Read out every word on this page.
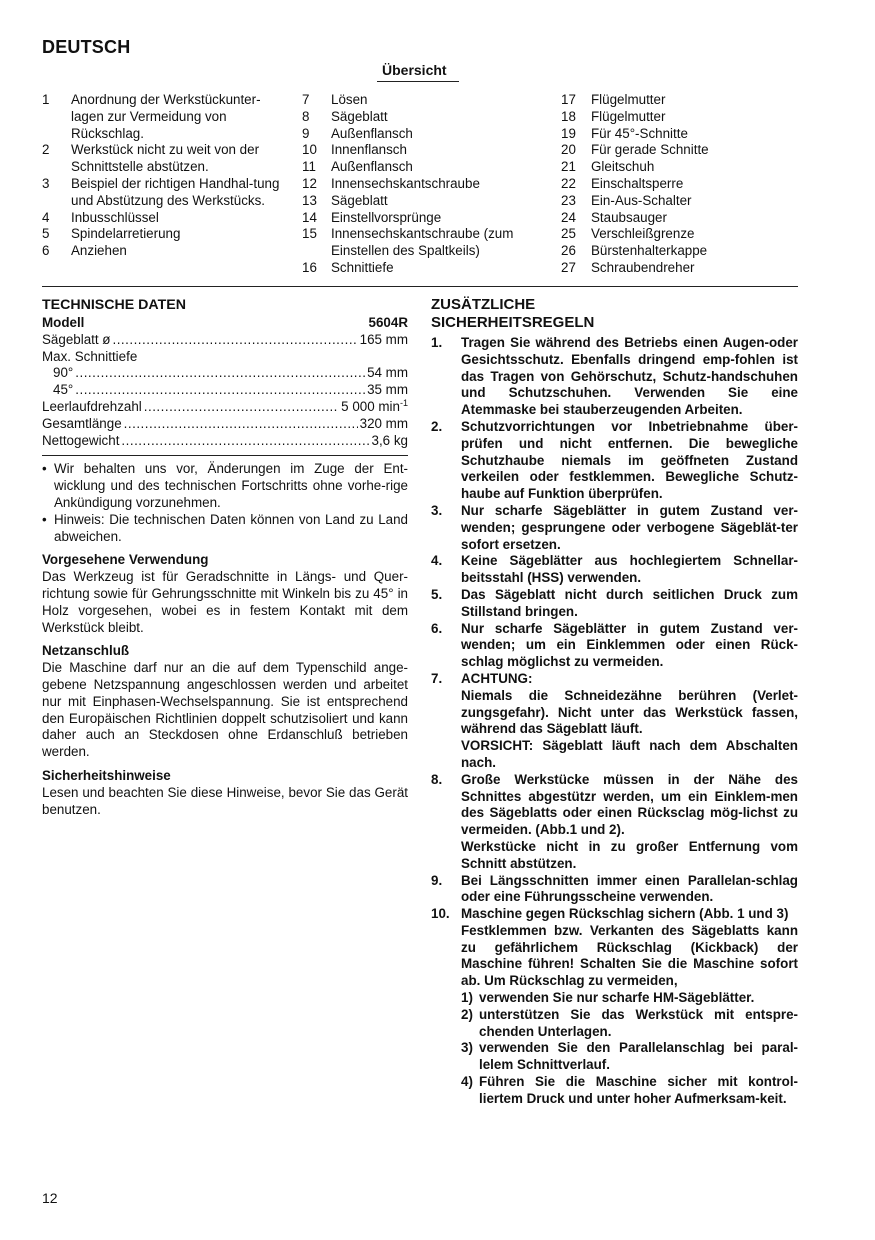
DEUTSCH
Übersicht
1	Anordnung der Werkstückunter-lagen zur Vermeidung von Rückschlag.
2	Werkstück nicht zu weit von der Schnittstelle abstützen.
3	Beispiel der richtigen Handhal-tung und Abstützung des Werkstücks.
4	Inbusschlüssel
5	Spindelarretierung
6	Anziehen
7	Lösen
8	Sägeblatt
9	Außenflansch
10	Innenflansch
11	Außenflansch
12	Innensechskantschraube
13	Sägeblatt
14	Einstellvorsprünge
15	Innensechskantschraube (zum Einstellen des Spaltkeils)
16	Schnittiefe
17	Flügelmutter
18	Flügelmutter
19	Für 45°-Schnitte
20	Für gerade Schnitte
21	Gleitschuh
22	Einschaltsperre
23	Ein-Aus-Schalter
24	Staubsauger
25	Verschleißgrenze
26	Bürstenhalterkappe
27	Schraubendreher
TECHNISCHE DATEN
Modell	5604R
Sägeblatt ø .....	165 mm
Max. Schnittiefe
90° .....	54 mm
45° .....	35 mm
Leerlaufdrehzahl .....	5 000 $\min^{-1}$
Gesamtlänge .....	320 mm
Nettogewicht .....	3,6 kg
• Wir behalten uns vor, Änderungen im Zuge der Ent-wicklung und des technischen Fortschritts ohne vorhe-rige Ankündigung vorzunehmen.
• Hinweis: Die technischen Daten können von Land zu Land abweichen.
Vorgesehene Verwendung
Das Werkzeug ist für Geradschnitte in Längs- und Quer-richtung sowie für Gehrungsschnitte mit Winkeln bis zu 45° in Holz vorgesehen, wobei es in festem Kontakt mit dem Werkstück bleibt.
Netzanschluß
Die Maschine darf nur an die auf dem Typenschild ange-gebene Netzspannung angeschlossen werden und arbeitet nur mit Einphasen-Wechselspannung. Sie ist entsprechend den Europäischen Richtlinien doppelt schutzisoliert und kann daher auch an Steckdosen ohne Erdanschluß betrieben werden.
Sicherheitshinweise
Lesen und beachten Sie diese Hinweise, bevor Sie das Gerät benutzen.
ZUSÄTZLICHE
SICHERHEITSREGELN
1.	Tragen Sie während des Betriebs einen Augen-oder Gesichtsschutz. Ebenfalls dringend emp-fohlen ist das Tragen von Gehörschutz, Schutz-handschuhen und Schutzschuhen. Verwenden Sie eine Atemmaske bei stauberzeugenden Arbeiten.

2.	Schutzvorrichtungen vor Inbetriebnahme über-prüfen und nicht entfernen. Die bewegliche Schutzhaube niemals im geöffneten Zustand verkeilen oder festklemmen. Bewegliche Schutz-haube auf Funktion überprüfen.

3.	Nur scharfe Sägeblätter in gutem Zustand ver-wenden; gesprungene oder verbogene Sägeblät-ter sofort ersetzen.

4.	Keine Sägeblätter aus hochlegiertem Schnellar-beitsstahl (HSS) verwenden.

5.	Das Sägeblatt nicht durch seitlichen Druck zum Stillstand bringen.

6.	Nur scharfe Sägeblätter in gutem Zustand ver-wenden; um ein Einklemmen oder einen Rück-schlag möglichst zu vermeiden.

7.	ACHTUNG:

Niemals die Schneidezähne berühren (Verlet-zungsgefahr). Nicht unter das Werkstück fassen, während das Sägeblatt läuft.

VORSICHT: Sägeblatt läuft nach dem Abschalten nach.

8.	Große Werkstücke müssen in der Nähe des Schnittes abgestützr werden, um ein Einklem-men des Sägeblatts oder einen Rücksclag mög-lichst zu vermeiden. (Abb.1 und 2).

Werkstücke nicht in zu großer Entfernung vom Schnitt abstützen.

9.	Bei Längsschnitten immer einen Parallelan-schlag oder eine Führungsscheine verwenden.

10. Maschine gegen Rückschlag sichern (Abb. 1 und 3)

Festklemmen bzw. Verkanten des Sägeblatts kann zu gefährlichem Rückschlag (Kickback) der Maschine führen! Schalten Sie die Maschine sofort ab. Um Rückschlag zu vermeiden,

1) verwenden Sie nur scharfe HM-Sägeblätter.
2) unterstützen Sie das Werkstück mit entspre-chenden Unterlagen.
3) verwenden Sie den Parallelanschlag bei paral-lelem Schnittverlauf.
4) Führen Sie die Maschine sicher mit kontrol-liertem Druck und unter hoher Aufmerksam-keit.
12
